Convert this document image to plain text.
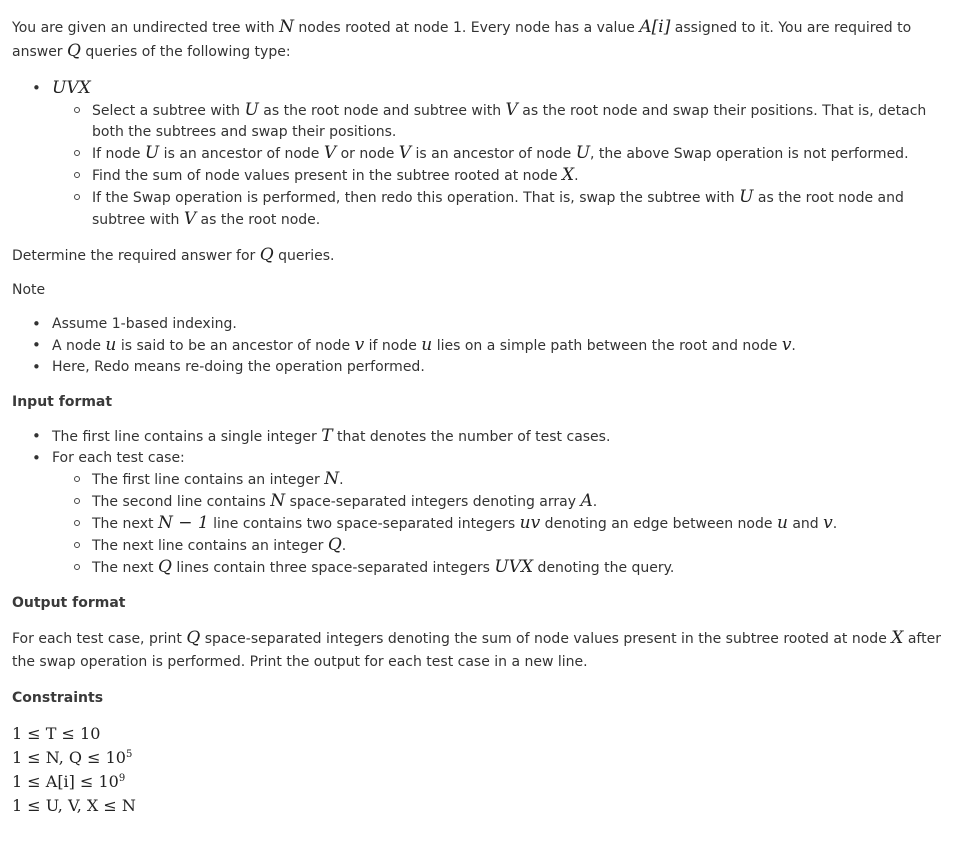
You are given an undirected tree with N nodes rooted at node 1. Every node has a value A[i] assigned to it. You are required to answer Q queries of the following type:

• UVX
Select a subtree with U as the root node and subtree with V as the root node and swap their positions. That is, detach both the subtrees and swap their positions.
If node U is an ancestor of node V or node V is an ancestor of node U, the above Swap operation is not performed.
Find the sum of node values present in the subtree rooted at node X.
If the Swap operation is performed, then redo this operation. That is, swap the subtree with U as the root node and subtree with V as the root node.

Determine the required answer for Q queries.

Note
• Assume 1-based indexing.
• A node u is said to be an ancestor of node v if node u lies on a simple path between the root and node v.
• Here, Redo means re-doing the operation performed.
Input format
• The first line contains a single integer T that denotes the number of test cases.
• For each test case:
The first line contains an integer N.
The second line contains N space-separated integers denoting array A.
The next N − 1 line contains two space-separated integers uv denoting an edge between node u and v.
The next line contains an integer Q.
The next Q lines contain three space-separated integers UVX denoting the query.
Output format

For each test case, print Q space-separated integers denoting the sum of node values present in the subtree rooted at node X after the swap operation is performed. Print the output for each test case in a new line.

Constraints
1 ≤ T ≤ 10
1 ≤ N, $Q \le 10^5$
$1 \le A[i] \le 10^9$
1 ≤ U, V, X ≤ N
